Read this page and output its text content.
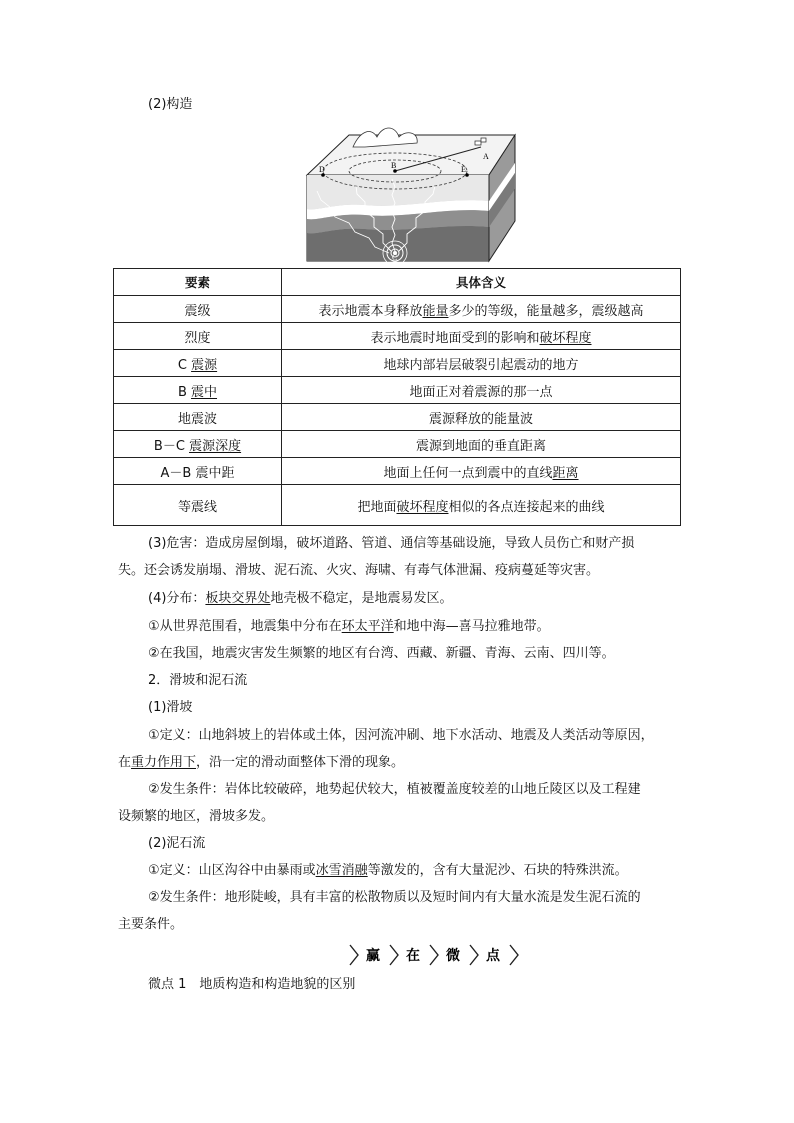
(2)构造
D	B	E
A
C
要素	具体含义
震级	表示地震本身释放能量多少的等级，能量越多，震级越高
烈度	表示地震时地面受到的影响和破坏程度
C 震源	地球内部岩层破裂引起震动的地方
B 震中	地面正对着震源的那一点
地震波	震源释放的能量波
B－C 震源深度	震源到地面的垂直距离
A－B 震中距	地面上任何一点到震中的直线距离
等震线	把地面破坏程度相似的各点连接起来的曲线
(3)危害：造成房屋倒塌，破坏道路、管道、通信等基础设施，导致人员伤亡和财产损
失。还会诱发崩塌、滑坡、泥石流、火灾、海啸、有毒气体泄漏、疫病蔓延等灾害。
(4)分布：板块交界处地壳极不稳定，是地震易发区。
①从世界范围看，地震集中分布在环太平洋和地中海—喜马拉雅地带。
②在我国，地震灾害发生频繁的地区有台湾、西藏、新疆、青海、云南、四川等。
2．滑坡和泥石流
(1)滑坡
①定义：山地斜坡上的岩体或土体，因河流冲刷、地下水活动、地震及人类活动等原因，
在重力作用下，沿一定的滑动面整体下滑的现象。
②发生条件：岩体比较破碎，地势起伏较大，植被覆盖度较差的山地丘陵区以及工程建
设频繁的地区，滑坡多发。
(2)泥石流
①定义：山区沟谷中由暴雨或冰雪消融等激发的，含有大量泥沙、石块的特殊洪流。
②发生条件：地形陡峻，具有丰富的松散物质以及短时间内有大量水流是发生泥石流的
主要条件。
赢 在 微 点
微点 1　地质构造和构造地貌的区别
